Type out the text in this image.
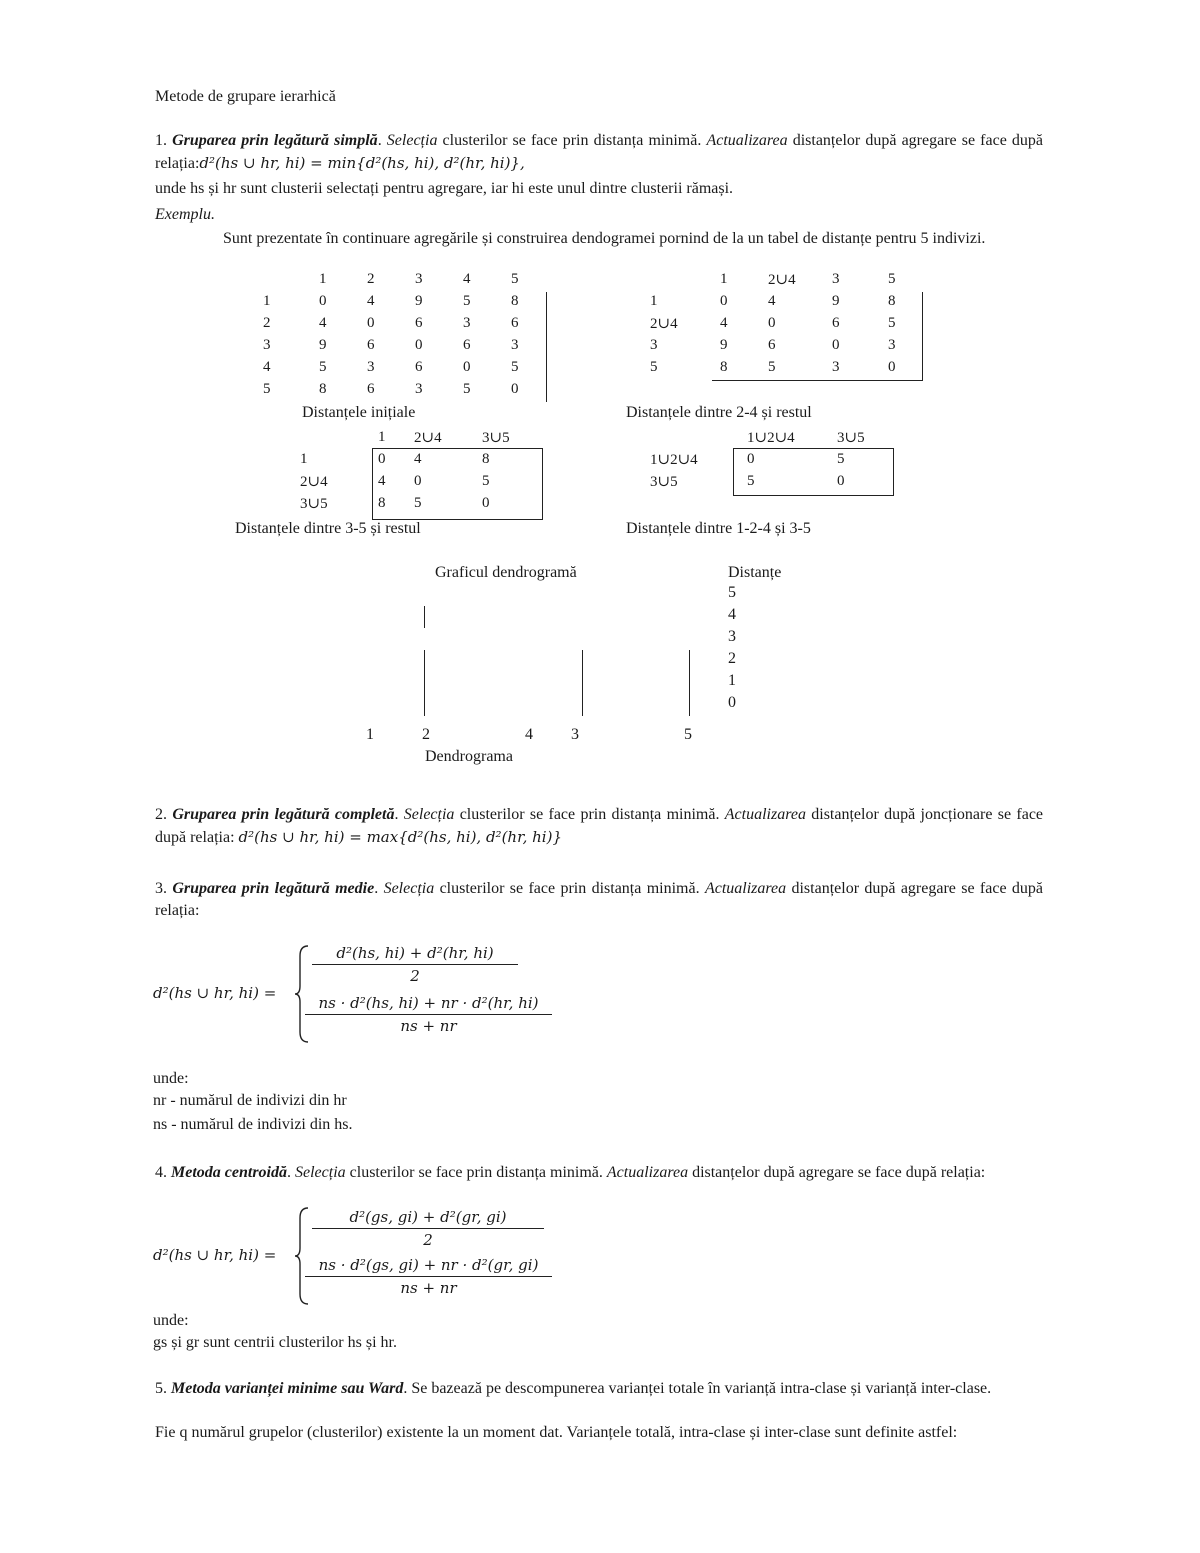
Metode de grupare ierarhică
1. Gruparea prin legătură simplă. Selecția clusterilor se face prin distanța minimă. Actualizarea distanțelor după agregare se face după relația:d²(hs ∪ hr, hi) = min{d²(hs, hi), d²(hr, hi)},
unde hs și hr sunt clusterii selectați pentru agregare, iar hi este unul dintre clusterii rămași.
Exemplu.
Sunt prezentate în continuare agregările și construirea dendogramei pornind de la un tabel de distanțe pentru 5 indivizi.
	1	2	3	4	5
1	0	4	9	5	8
2	4	0	6	3	6
3	9	6	0	6	3
4	5	3	6	0	5
5	8	6	3	5	0
Distanțele inițiale
	1	2∪4	3	5
1	0	4	9	8
2∪4	4	0	6	5
3	9	6	0	3
5	8	5	3	0
Distanțele dintre 2-4 și restul
	1	2∪4	3∪5
1	0	4	8
2∪4	4	0	5
3∪5	8	5	0
Distanțele dintre 3-5 și restul
	1∪2∪4	3∪5
1∪2∪4	0	5
3∪5	5	0
Distanțele dintre 1-2-4 și 3-5
Graficul dendrogramă	Distanțe
5
4
3
2
1
0
1	2	4 3	5
Dendrograma
2. Gruparea prin legătură completă. Selecția clusterilor se face prin distanța minimă. Actualizarea distanțelor după joncționare se face după relația: d²(hs ∪ hr, hi) = max{d²(hs, hi), d²(hr, hi)}
3. Gruparea prin legătură medie. Selecția clusterilor se face prin distanța minimă. Actualizarea distanțelor după agregare se face după relația:
d²(hs ∪ hr, hi) =
$\frac{\text{d²(hs, hi) + d²(hr, hi)}}{2}$
$\frac{\text{ns · d²(hs, hi) + nr · d²(hr, hi)}}{ns + nr}$
unde:
nr - numărul de indivizi din hr
ns - numărul de indivizi din hs.
4. Metoda centroidă. Selecția clusterilor se face prin distanța minimă. Actualizarea distanțelor după agregare se face după relația:
d²(hs ∪ hr, hi) =
$\frac{\text{d²(gs, gi) + d²(gr, gi)}}{2}$
$\frac{\text{ns · d²(gs, gi) + nr · d²(gr, gi)}}{ns + nr}$
unde:
gs și gr sunt centrii clusterilor hs și hr.
5. Metoda varianței minime sau Ward. Se bazează pe descompunerea varianței totale în varianță intra-clase și varianță inter-clase.
Fie q numărul grupelor (clusterilor) existente la un moment dat. Varianțele totală, intra-clase și inter-clase sunt definite astfel:
